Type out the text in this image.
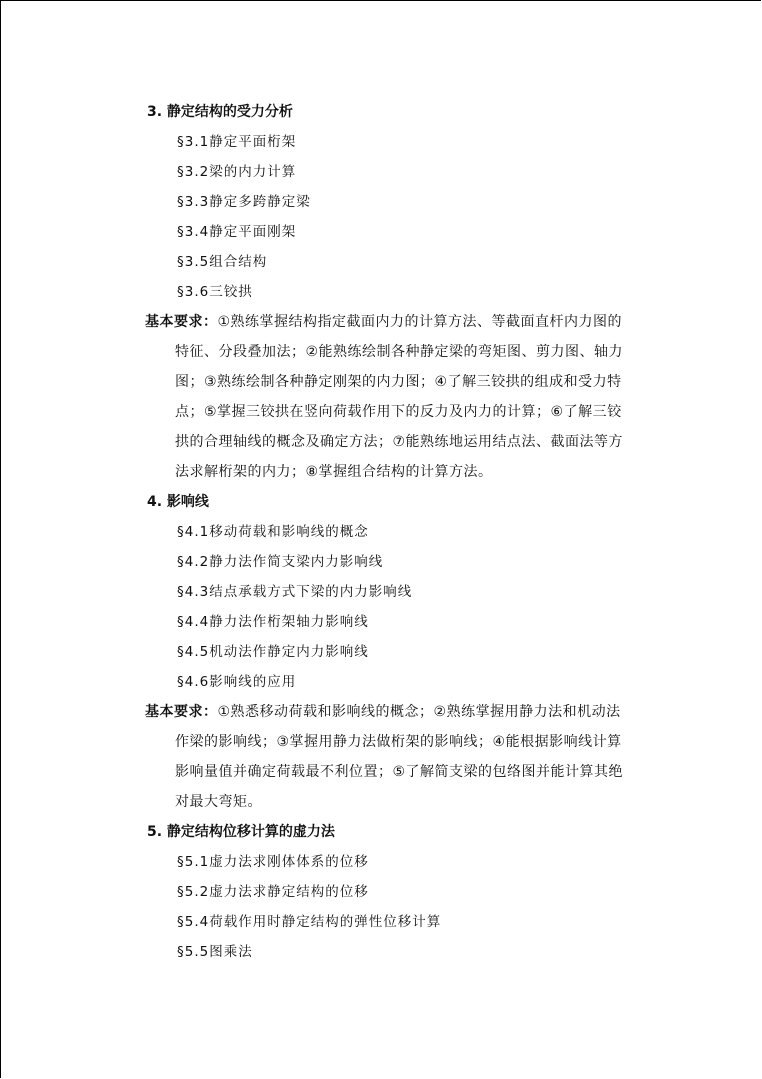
3. 静定结构的受力分析
§3.1静定平面桁架
§3.2梁的内力计算
§3.3静定多跨静定梁
§3.4静定平面刚架
§3.5组合结构
§3.6三铰拱
基本要求：①熟练掌握结构指定截面内力的计算方法、等截面直杆内力图的
特征、分段叠加法；②能熟练绘制各种静定梁的弯矩图、剪力图、轴力
图；③熟练绘制各种静定刚架的内力图；④了解三铰拱的组成和受力特
点；⑤掌握三铰拱在竖向荷载作用下的反力及内力的计算；⑥了解三铰
拱的合理轴线的概念及确定方法；⑦能熟练地运用结点法、截面法等方
法求解桁架的内力；⑧掌握组合结构的计算方法。
4. 影响线
§4.1移动荷载和影响线的概念
§4.2静力法作简支梁内力影响线
§4.3结点承载方式下梁的内力影响线
§4.4静力法作桁架轴力影响线
§4.5机动法作静定内力影响线
§4.6影响线的应用
基本要求：①熟悉移动荷载和影响线的概念；②熟练掌握用静力法和机动法
作梁的影响线；③掌握用静力法做桁架的影响线；④能根据影响线计算
影响量值并确定荷载最不利位置；⑤了解简支梁的包络图并能计算其绝
对最大弯矩。
5. 静定结构位移计算的虚力法
§5.1虚力法求刚体体系的位移
§5.2虚力法求静定结构的位移
§5.4荷载作用时静定结构的弹性位移计算
§5.5图乘法
